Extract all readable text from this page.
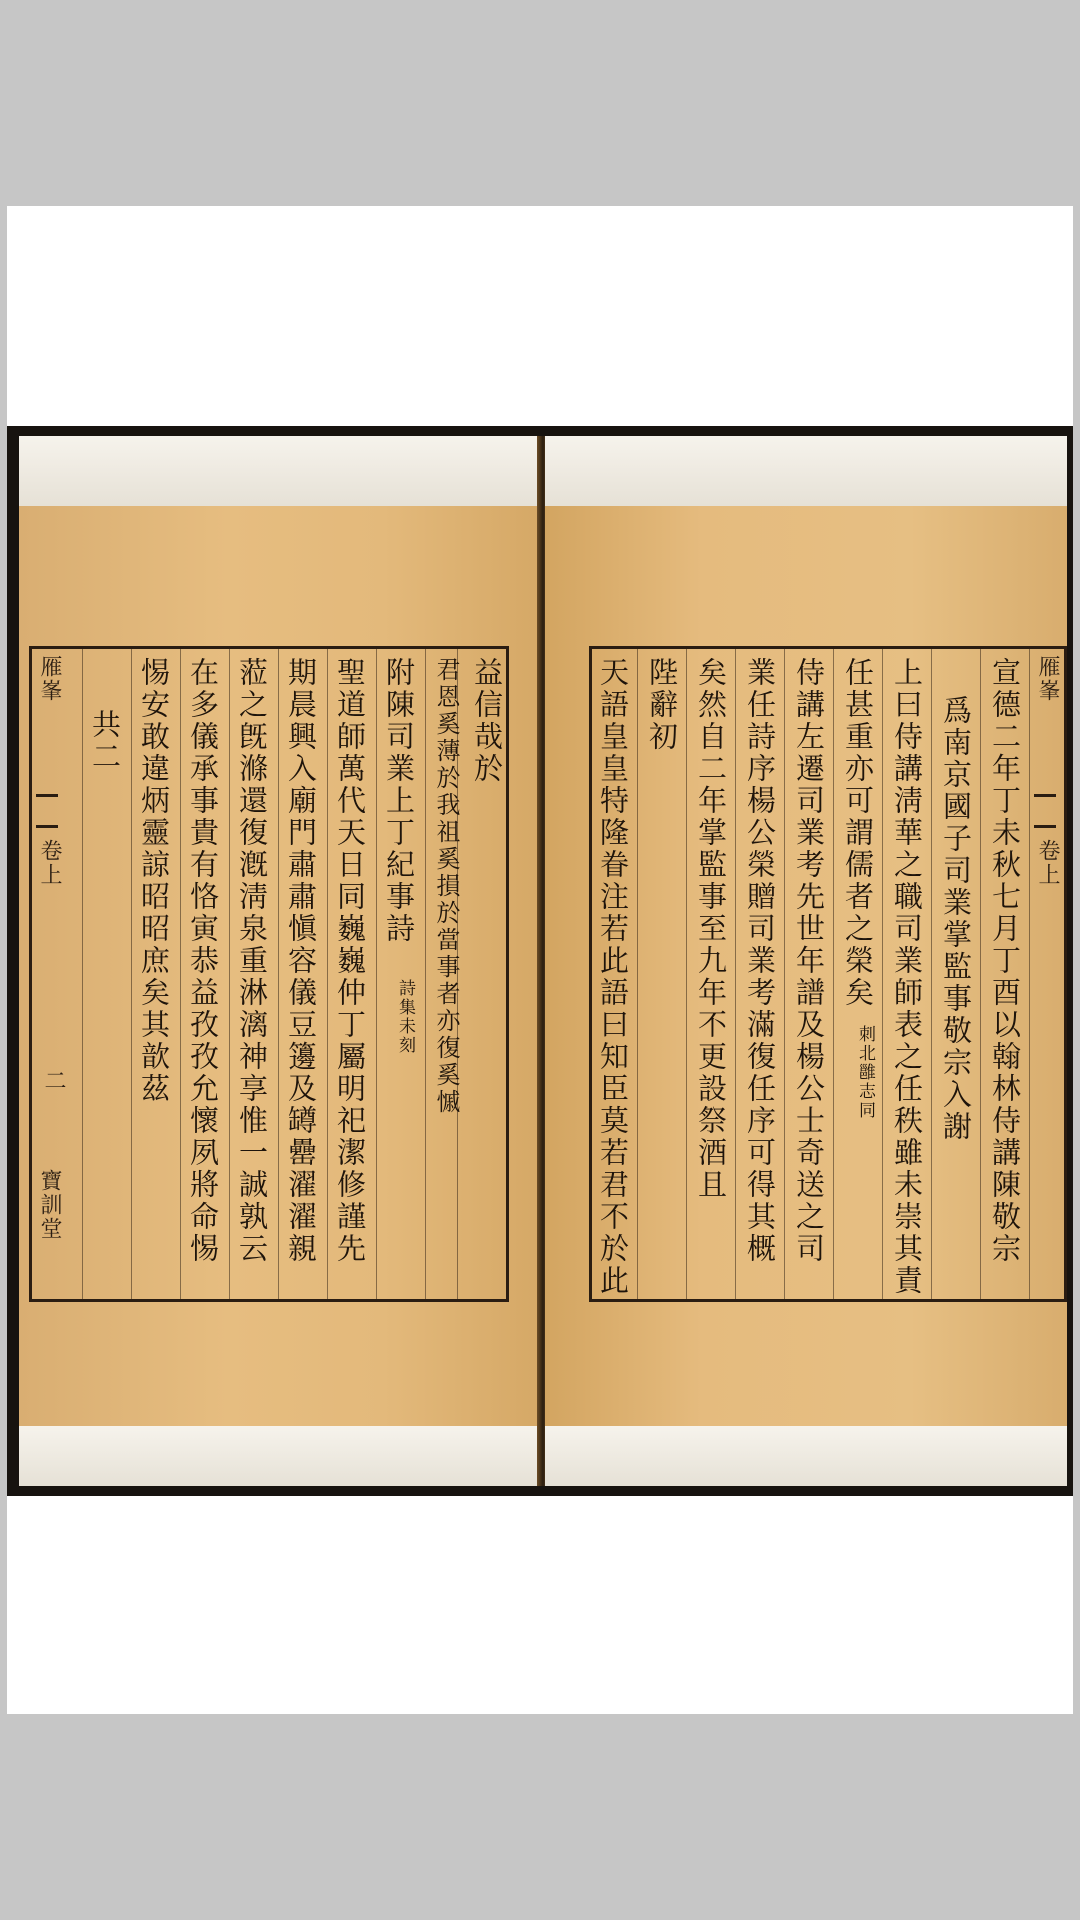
益信哉於
君恩奚薄於我祖奚損於當事者亦復奚慽
附陳司業上丁紀事詩
詩集未刻
聖道師萬代天日同巍巍仲丁屬明祀潔修謹先
期晨興入廟門肅肅愼容儀豆籩及罇罍濯濯親
蒞之旣滌還復漑淸泉重淋漓神享惟一誠孰云
在多儀承事貴有恪寅恭益孜孜允懷夙將命惕
惕安敢違炳靈諒昭昭庶矣其歆茲
共二
雁峯
卷上
二
寶訓堂	宣德二年丁未秋七月丁酉以翰林侍講陳敬宗
爲南京國子司業掌監事敬宗入謝
上曰侍講淸華之職司業師表之任秩雖未崇其責
任甚重亦可謂儒者之榮矣
刺北雝志同
侍講左遷司業考先世年譜及楊公士奇送之司
業任詩序楊公榮贈司業考滿復任序可得其概
矣然自二年掌監事至九年不更設祭酒且
陛辭初
天語皇皇特隆眷注若此語曰知臣莫若君不於此	雁峯
卷上
